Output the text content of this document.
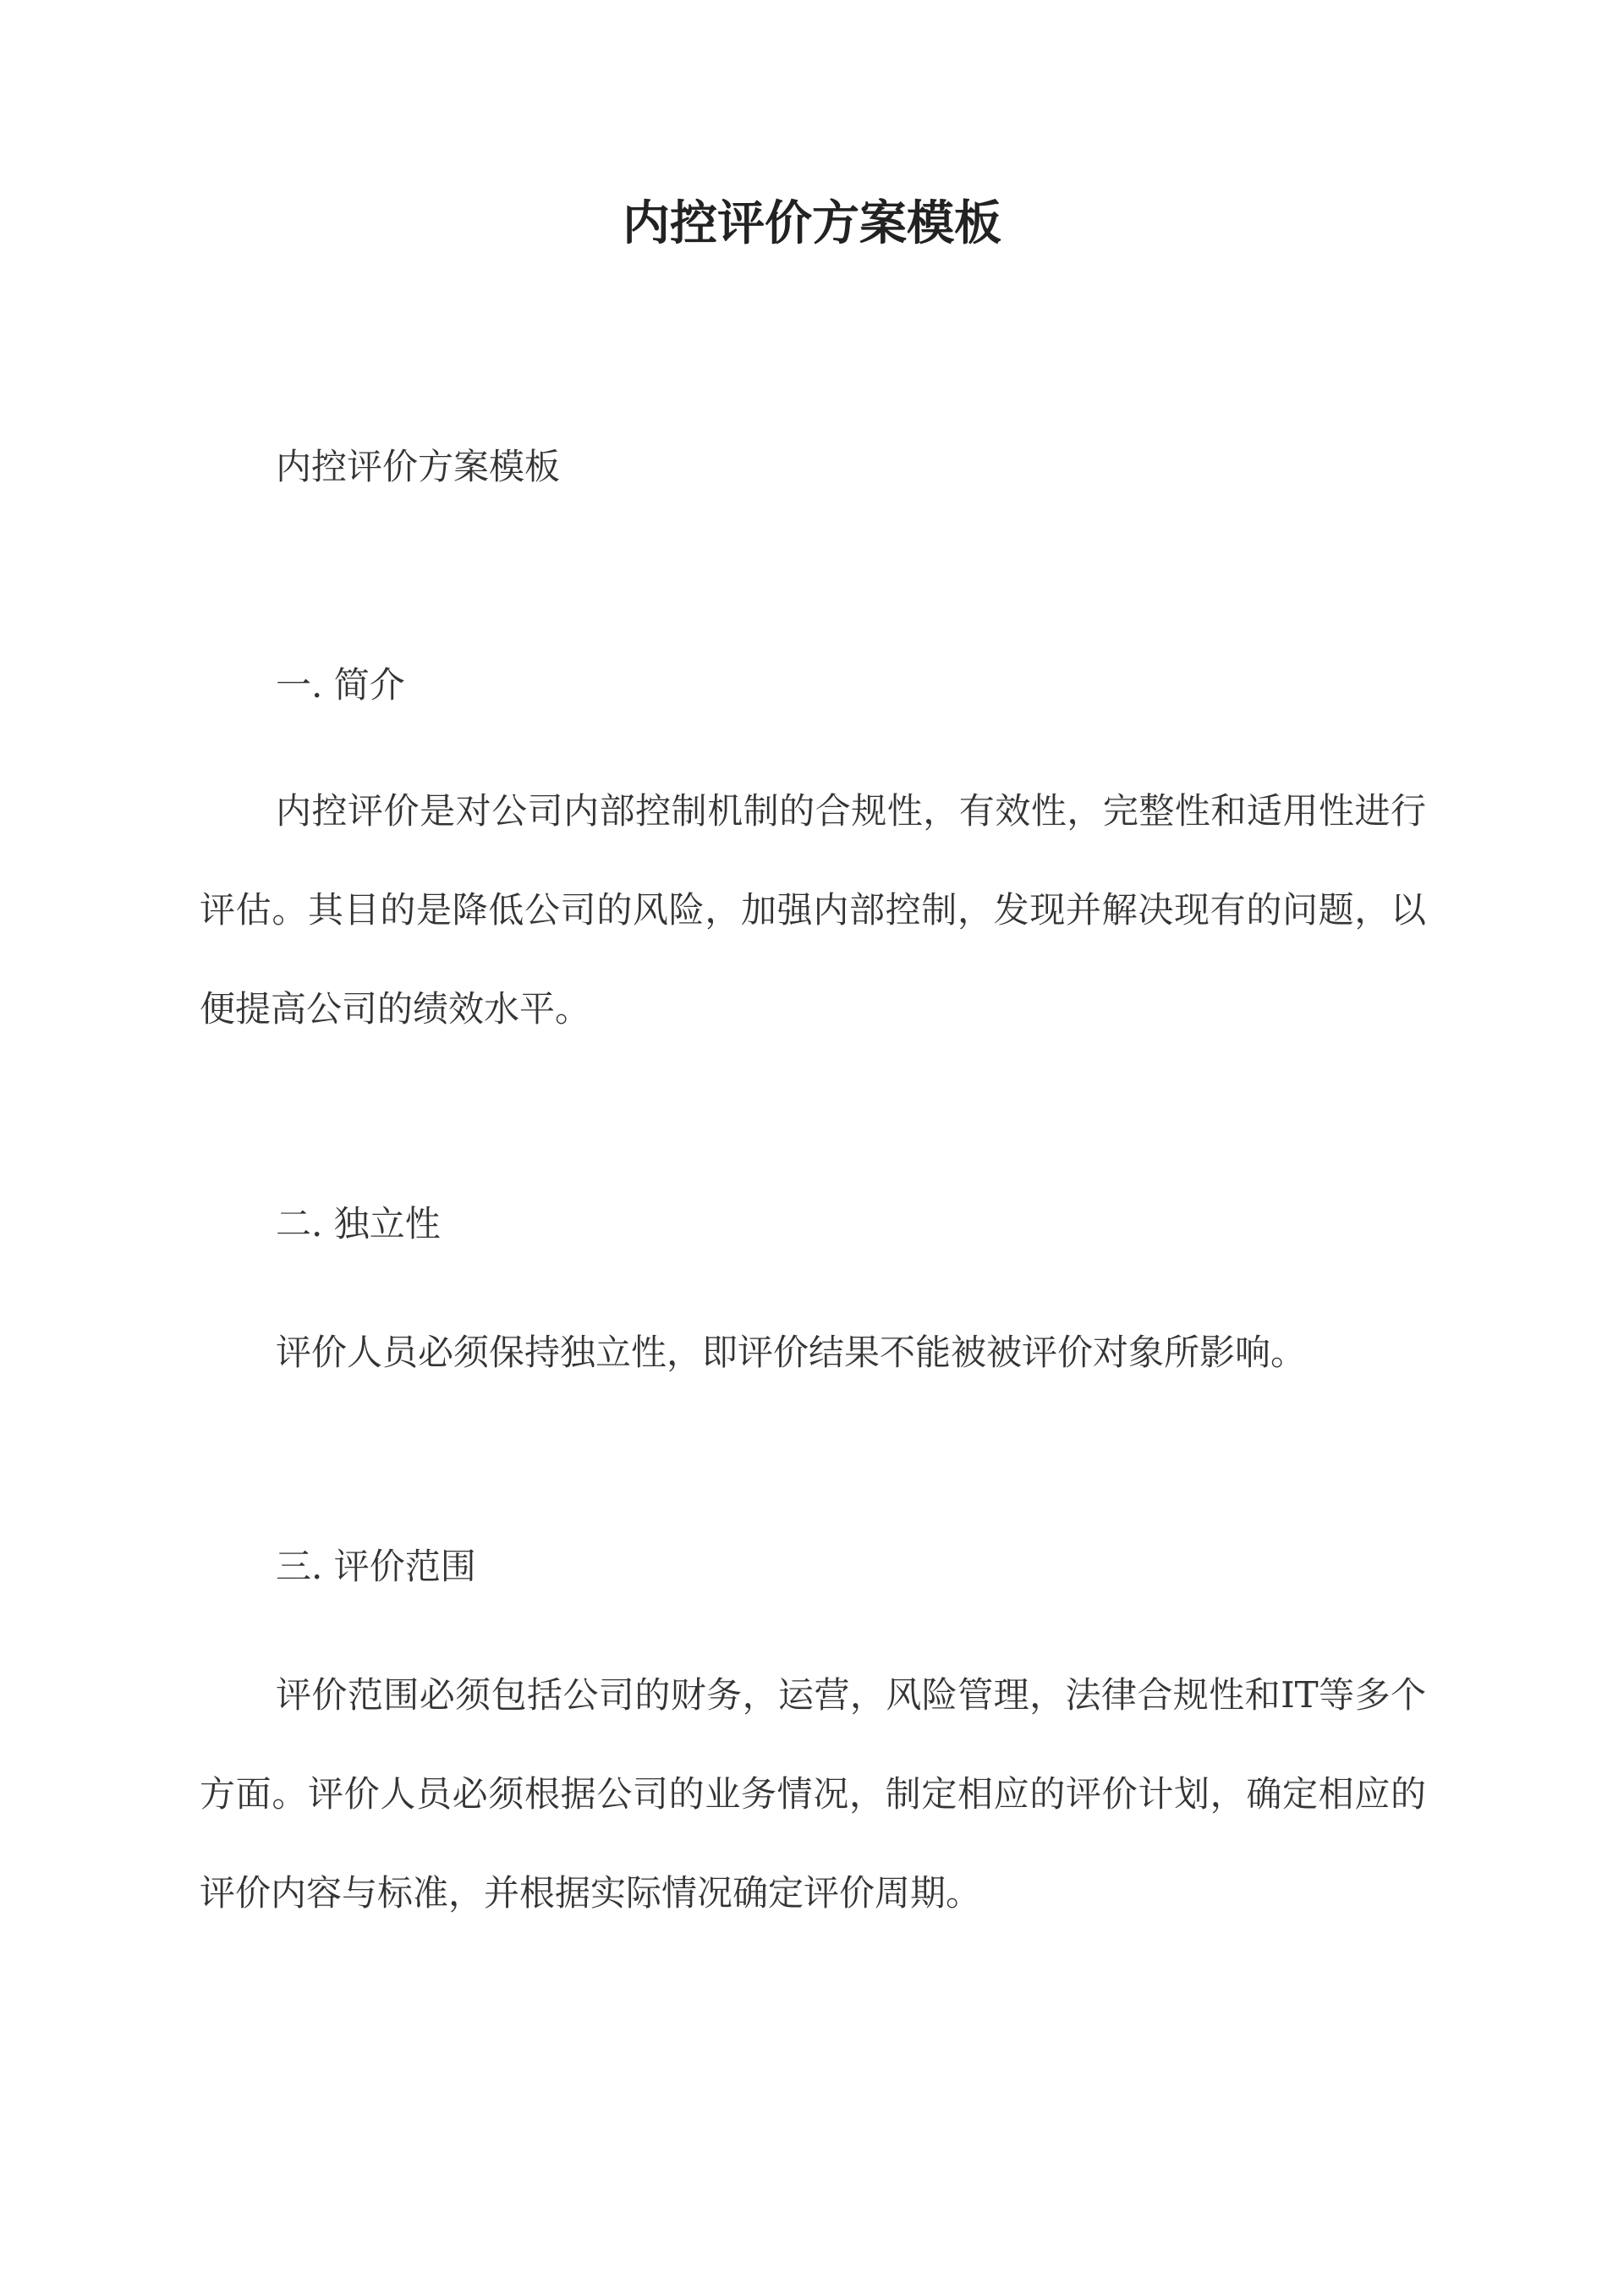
内控评价方案模板

内控评价方案模板

一. 简介

内控评价是对公司内部控制机制的合规性，有效性，完整性和适用性进行评估。其目的是降低公司的风险，加强内部控制，发现并解决现有的问题，以便提高公司的绩效水平。

二. 独立性

评价人员必须保持独立性，即评价结果不能被被评价对象所影响。

三. 评价范围

评价范围必须包括公司的财务，运营，风险管理，法律合规性和IT等多个方面。评价人员必须根据公司的业务情况，制定相应的评价计划，确定相应的评价内容与标准，并根据实际情况确定评价周期。
